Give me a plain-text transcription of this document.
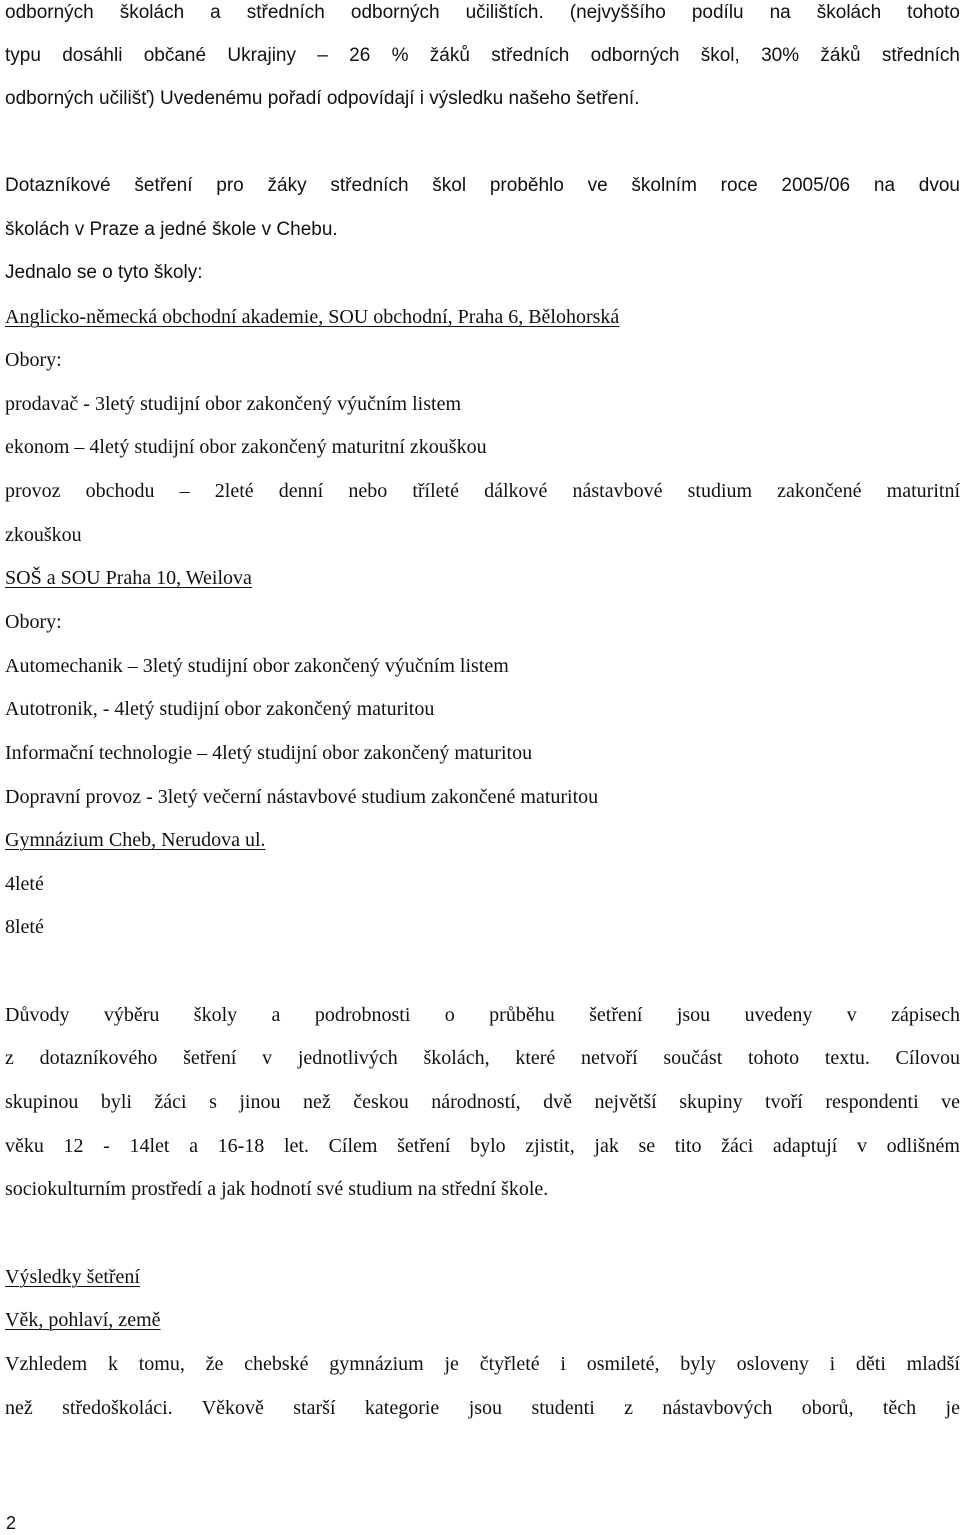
odborných školách a středních odborných učilištích. (nejvyššího podílu na školách tohoto
typu dosáhli občané Ukrajiny – 26 % žáků středních odborných škol, 30% žáků středních
odborných učilišť) Uvedenému pořadí odpovídají i výsledku našeho šetření.
Dotazníkové šetření pro žáky středních škol proběhlo ve školním roce 2005/06 na dvou
školách v Praze a jedné škole v Chebu.
Jednalo se o tyto školy:
Anglicko-německá obchodní akademie, SOU obchodní, Praha 6, Bělohorská
Obory:
prodavač - 3letý studijní obor zakončený výučním listem
ekonom – 4letý studijní obor zakončený maturitní zkouškou
provoz obchodu – 2leté denní nebo tříleté dálkové nástavbové studium zakončené maturitní
zkouškou
SOŠ a SOU Praha 10, Weilova
Obory:
Automechanik – 3letý studijní obor zakončený výučním listem
Autotronik, - 4letý studijní obor zakončený maturitou
Informační technologie – 4letý studijní obor zakončený maturitou
Dopravní provoz - 3letý večerní nástavbové studium zakončené maturitou
Gymnázium Cheb, Nerudova ul.
4leté
8leté
Důvody výběru školy a podrobnosti o průběhu šetření jsou uvedeny v zápisech
z dotazníkového šetření v jednotlivých školách, které netvoří součást tohoto textu. Cílovou
skupinou byli žáci s jinou než českou národností, dvě největší skupiny tvoří respondenti ve
věku 12 - 14let a 16-18 let. Cílem šetření bylo zjistit, jak se tito žáci adaptují v odlišném
sociokulturním prostředí a jak hodnotí své studium na střední škole.
Výsledky šetření
Věk, pohlaví, země
Vzhledem k tomu, že chebské gymnázium je čtyřleté i osmileté, byly osloveny i děti mladší
než středoškoláci. Věkově starší kategorie jsou studenti z nástavbových oborů, těch je
2
